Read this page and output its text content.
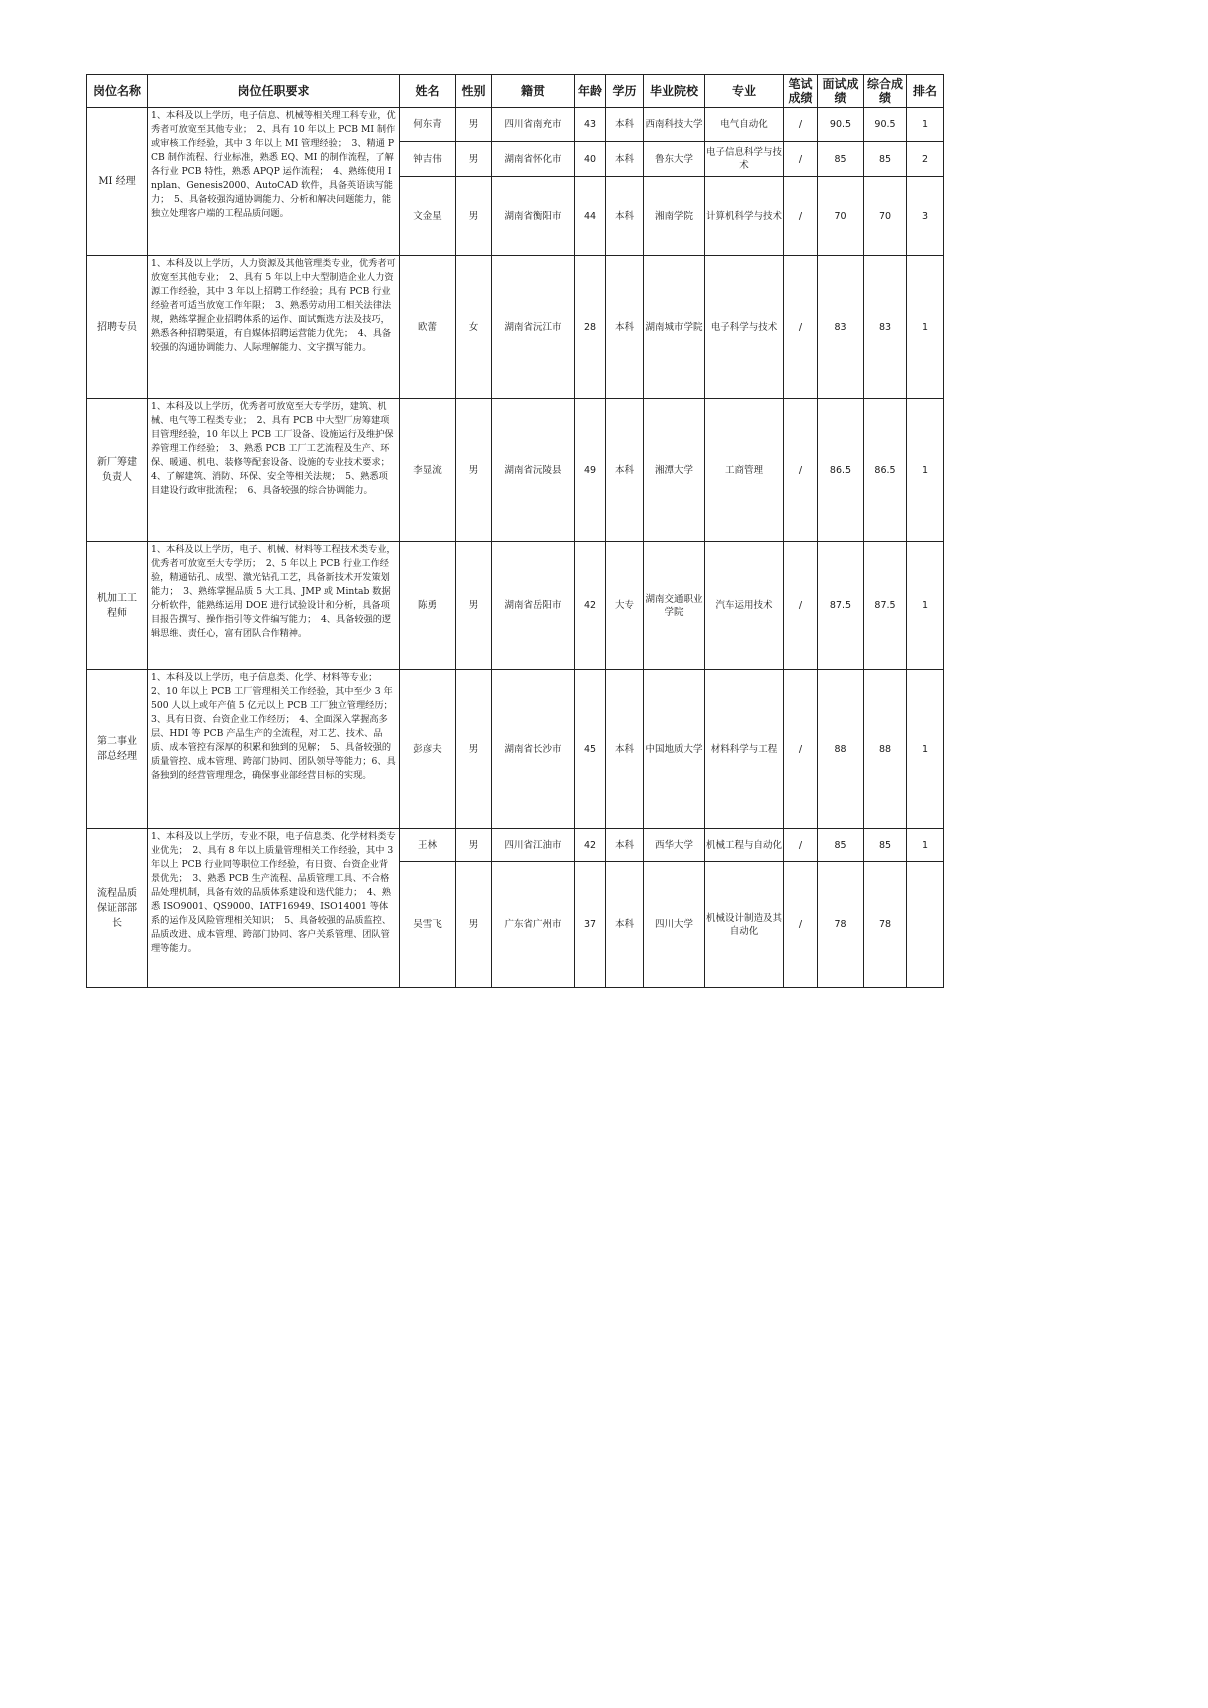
岗位名称	岗位任职要求	姓名	性别	籍贯	年龄	学历	毕业院校	专业	笔试成绩	面试成绩	综合成绩	排名
MI 经理	1、本科及以上学历，电子信息、机械等相关理工科专业，优秀者可放宽至其他专业；　2、具有 10 年以上 PCB MI 制作或审核工作经验，其中 3 年以上 MI 管理经验；　3、精通 PCB 制作流程、行业标准，熟悉 EQ、MI 的制作流程，了解各行业 PCB 特性，熟悉 APQP 运作流程；　4、熟练使用 Inplan、Genesis2000、AutoCAD 软件，具备英语读写能力；　5、具备较强沟通协调能力、分析和解决问题能力，能独立处理客户端的工程品质问题。	何东青	男	四川省南充市	43	本科	西南科技大学	电气自动化	/	90.5	90.5	1
		钟吉伟	男	湖南省怀化市	40	本科	鲁东大学	电子信息科学与技术	/	85	85	2
		文金星	男	湖南省衡阳市	44	本科	湘南学院	计算机科学与技术	/	70	70	3
招聘专员	1、本科及以上学历，人力资源及其他管理类专业，优秀者可放宽至其他专业；　2、具有 5 年以上中大型制造企业人力资源工作经验，其中 3 年以上招聘工作经验；具有 PCB 行业经验者可适当放宽工作年限；　3、熟悉劳动用工相关法律法规，熟练掌握企业招聘体系的运作、面试甄选方法及技巧，熟悉各种招聘渠道，有自媒体招聘运营能力优先；　4、具备较强的沟通协调能力、人际理解能力、文字撰写能力。	欧蕾	女	湖南省沅江市	28	本科	湖南城市学院	电子科学与技术	/	83	83	1
新厂筹建负责人	1、本科及以上学历，优秀者可放宽至大专学历，建筑、机械、电气等工程类专业；　2、具有 PCB 中大型厂房筹建项目管理经验，10 年以上 PCB 工厂设备、设施运行及维护保养管理工作经验；　3、熟悉 PCB 工厂工艺流程及生产、环保、暖通、机电、装修等配套设备、设施的专业技术要求；　4、了解建筑、消防、环保、安全等相关法规；　5、熟悉项目建设行政审批流程；　6、具备较强的综合协调能力。	李显流	男	湖南省沅陵县	49	本科	湘潭大学	工商管理	/	86.5	86.5	1
机加工工程师	1、本科及以上学历，电子、机械、材料等工程技术类专业，优秀者可放宽至大专学历；　2、5 年以上 PCB 行业工作经验，精通钻孔、成型、激光钻孔工艺，具备新技术开发策划能力；　3、熟练掌握品质 5 大工具、JMP 或 Mintab 数据分析软件，能熟练运用 DOE 进行试验设计和分析，具备项目报告撰写、操作指引等文件编写能力；　4、具备较强的逻辑思维、责任心，富有团队合作精神。	陈勇	男	湖南省岳阳市	42	大专	湖南交通职业学院	汽车运用技术	/	87.5	87.5	1
第二事业部总经理	1、本科及以上学历，电子信息类、化学、材料等专业；　2、10 年以上 PCB 工厂管理相关工作经验，其中至少 3 年 500 人以上或年产值 5 亿元以上 PCB 工厂独立管理经历；　3、具有日资、台资企业工作经历；　4、全面深入掌握高多层、HDI 等 PCB 产品生产的全流程，对工艺、技术、品质、成本管控有深厚的积累和独到的见解；　5、具备较强的质量管控、成本管理、跨部门协同、团队领导等能力；6、具备独到的经营管理理念，确保事业部经营目标的实现。	彭彦夫	男	湖南省长沙市	45	本科	中国地质大学	材料科学与工程	/	88	88	1
流程品质保证部部长	1、本科及以上学历，专业不限，电子信息类、化学材料类专业优先；　2、具有 8 年以上质量管理相关工作经验，其中 3 年以上 PCB 行业同等职位工作经验，有日资、台资企业背景优先；　3、熟悉 PCB 生产流程、品质管理工具、不合格品处理机制，具备有效的品质体系建设和迭代能力；　4、熟悉 ISO9001、QS9000、IATF16949、ISO14001 等体系的运作及风险管理相关知识；　5、具备较强的品质监控、品质改进、成本管理、跨部门协同、客户关系管理、团队管理等能力。	王林	男	四川省江油市	42	本科	西华大学	机械工程与自动化	/	85	85	1
		吴雪飞	男	广东省广州市	37	本科	四川大学	机械设计制造及其自动化	/	78	78	
